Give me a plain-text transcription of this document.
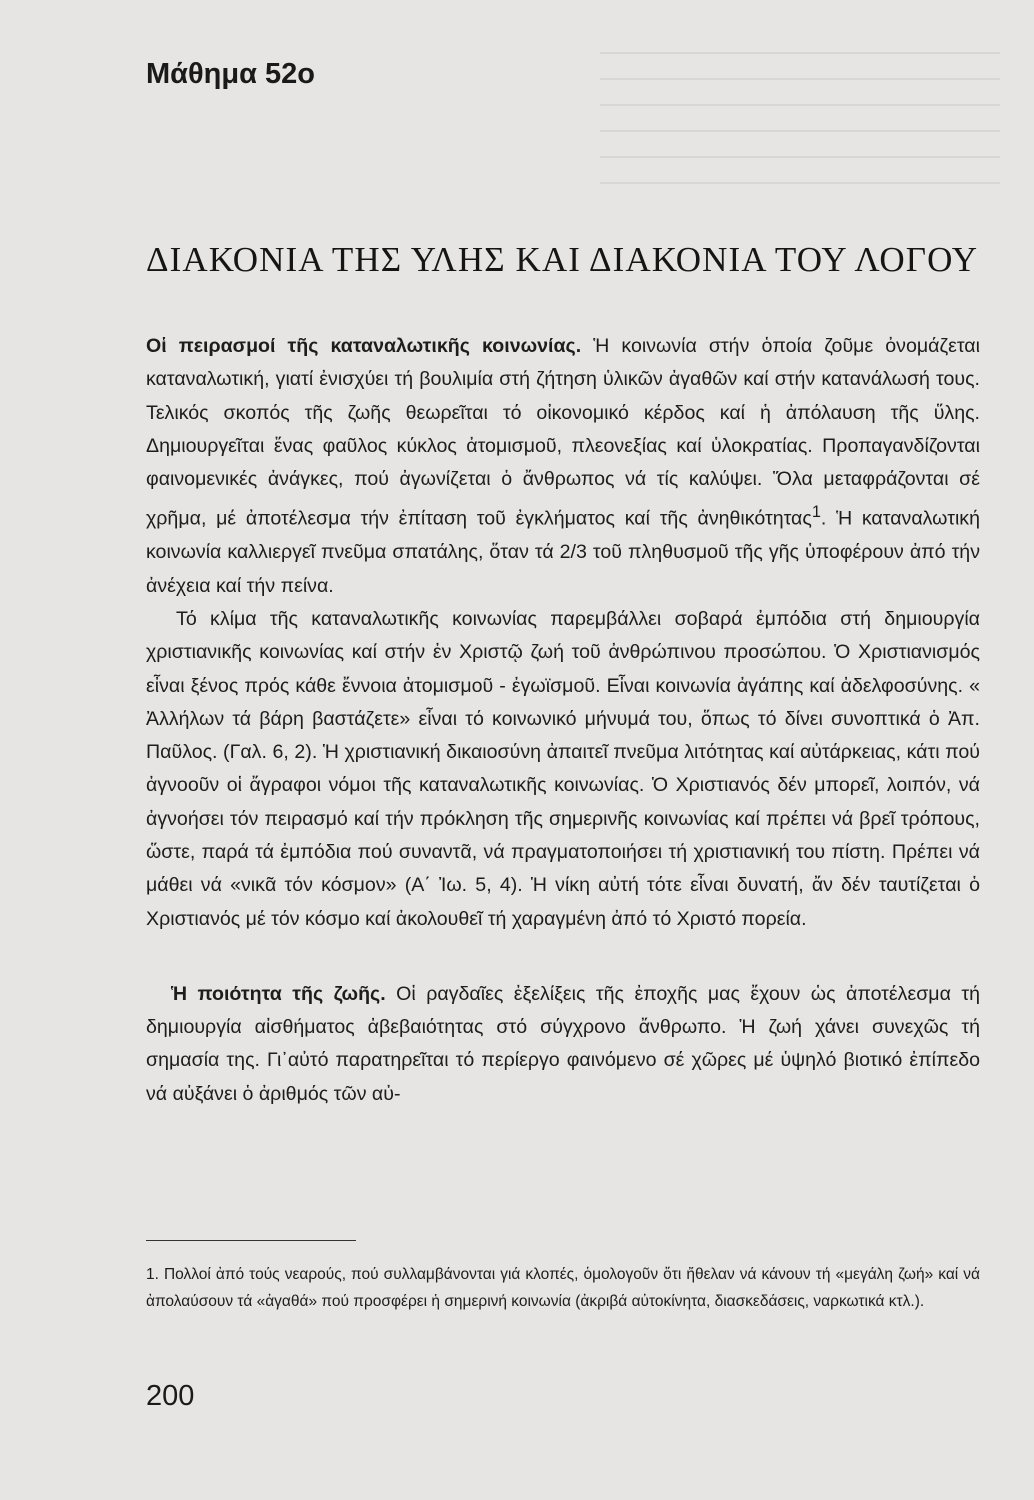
Μάθημα 52ο
ΔΙΑΚΟΝΙΑ ΤΗΣ ΥΛΗΣ ΚΑΙ ΔΙΑΚΟΝΙΑ ΤΟΥ ΛΟΓΟΥ

Οἱ πειρασμοί τῆς καταναλωτικῆς κοινωνίας. Ἡ κοινωνία στήν ὁποία ζοῦμε ὀνομάζεται καταναλωτική, γιατί ἐνισχύει τή βουλιμία στή ζήτηση ὑλικῶν ἀγαθῶν καί στήν κατανάλωσή τους. Τελικός σκοπός τῆς ζωῆς θεωρεῖται τό οἰκονομικό κέρδος καί ἡ ἀπόλαυση τῆς ὕλης. Δημιουργεῖται ἕνας φαῦλος κύκλος ἀτομισμοῦ, πλεονεξίας καί ὑλοκρατίας. Προπαγανδίζονται φαινομενικές ἀνάγκες, πού ἀγωνίζεται ὁ ἄνθρωπος νά τίς καλύψει. Ὅλα μεταφράζονται σέ χρῆμα, μέ ἀποτέλεσμα τήν ἐπίταση τοῦ ἐγκλήματος καί τῆς ἀνηθικότητας$^1$. Ἡ καταναλωτική κοινωνία καλλιεργεῖ πνεῦμα σπατάλης, ὅταν τά 2/3 τοῦ πληθυσμοῦ τῆς γῆς ὑποφέρουν ἀπό τήν ἀνέχεια καί τήν πείνα.

Τό κλίμα τῆς καταναλωτικῆς κοινωνίας παρεμβάλλει σοβαρά ἐμπόδια στή δημιουργία χριστιανικῆς κοινωνίας καί στήν ἐν Χριστῷ ζωή τοῦ ἀνθρώπινου προσώπου. Ὁ Χριστιανισμός εἶναι ξένος πρός κάθε ἔννοια ἀτομισμοῦ - ἐγωϊσμοῦ. Εἶναι κοινωνία ἀγάπης καί ἀδελφοσύνης. « Ἀλλήλων τά βάρη βαστάζετε» εἶναι τό κοινωνικό μήνυμά του, ὅπως τό δίνει συνοπτικά ὁ Ἀπ. Παῦλος. (Γαλ. 6, 2). Ἡ χριστιανική δικαιοσύνη ἀπαιτεῖ πνεῦμα λιτότητας καί αὐτάρκειας, κάτι πού ἀγνοοῦν οἱ ἄγραφοι νόμοι τῆς καταναλωτικῆς κοινωνίας. Ὁ Χριστιανός δέν μπορεῖ, λοιπόν, νά ἀγνοήσει τόν πειρασμό καί τήν πρόκληση τῆς σημερινῆς κοινωνίας καί πρέπει νά βρεῖ τρόπους, ὥστε, παρά τά ἐμπόδια πού συναντᾶ, νά πραγματοποιήσει τή χριστιανική του πίστη. Πρέπει νά μάθει νά «νικᾶ τόν κόσμον» (Α΄ Ἰω. 5, 4). Ἡ νίκη αὐτή τότε εἶναι δυνατή, ἄν δέν ταυτίζεται ὁ Χριστιανός μέ τόν κόσμο καί ἀκολουθεῖ τή χαραγμένη ἀπό τό Χριστό πορεία.

Ἡ ποιότητα τῆς ζωῆς. Οἱ ραγδαῖες ἐξελίξεις τῆς ἐποχῆς μας ἔχουν ὡς ἀποτέλεσμα τή δημιουργία αἰσθήματος ἀβεβαιότητας στό σύγχρονο ἄνθρωπο. Ἡ ζωή χάνει συνεχῶς τή σημασία της. Γι᾽αὐτό παρατηρεῖται τό περίεργο φαινόμενο σέ χῶρες μέ ὑψηλό βιοτικό ἐπίπεδο νά αὐξάνει ὁ ἀριθμός τῶν αὐ-

1. Πολλοί ἀπό τούς νεαρούς, πού συλλαμβάνονται γιά κλοπές, ὁμολογοῦν ὅτι ἤθελαν νά κάνουν τή «μεγάλη ζωή» καί νά ἀπολαύσουν τά «ἀγαθά» πού προσφέρει ἡ σημερινή κοινωνία (ἀκριβά αὐτοκίνητα, διασκεδάσεις, ναρκωτικά κτλ.).

200
